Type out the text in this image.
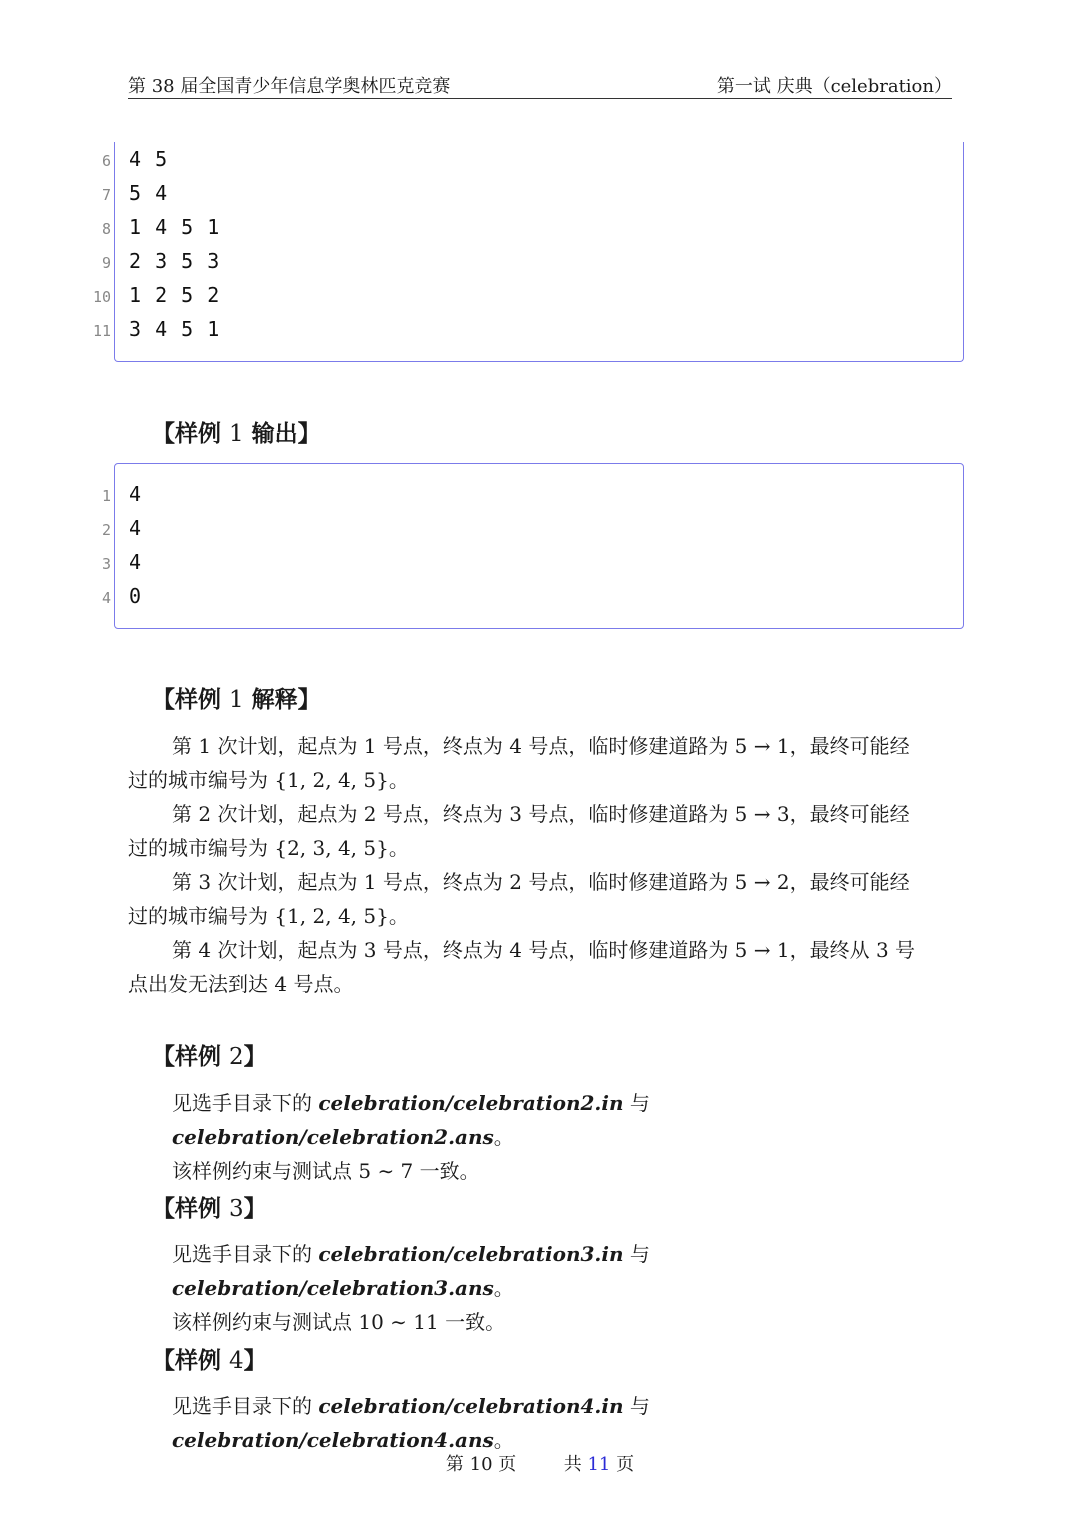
第 38 届全国青少年信息学奥林匹克竞赛	第一试 庆典（celebration）
6 4 5
7 5 4
8 1 4 5 1
9 2 3 5 3
10 1 2 5 2
11 3 4 5 1
【样例 1 输出】
1 4
2 4
3 4
4 0
【样例 1 解释】
第 1 次计划，起点为 1 号点，终点为 4 号点，临时修建道路为 5 → 1，最终可能经
过的城市编号为 {1, 2, 4, 5}。
第 2 次计划，起点为 2 号点，终点为 3 号点，临时修建道路为 5 → 3，最终可能经
过的城市编号为 {2, 3, 4, 5}。
第 3 次计划，起点为 1 号点，终点为 2 号点，临时修建道路为 5 → 2，最终可能经
过的城市编号为 {1, 2, 4, 5}。
第 4 次计划，起点为 3 号点，终点为 4 号点，临时修建道路为 5 → 1，最终从 3 号
点出发无法到达 4 号点。
【样例 2】
见选手目录下的 celebration/celebration2.in 与 celebration/celebration2.ans。
该样例约束与测试点 5 ∼ 7 一致。
【样例 3】
见选手目录下的 celebration/celebration3.in 与 celebration/celebration3.ans。
该样例约束与测试点 10 ∼ 11 一致。
【样例 4】
见选手目录下的 celebration/celebration4.in 与 celebration/celebration4.ans。
第 10 页	共 11 页
